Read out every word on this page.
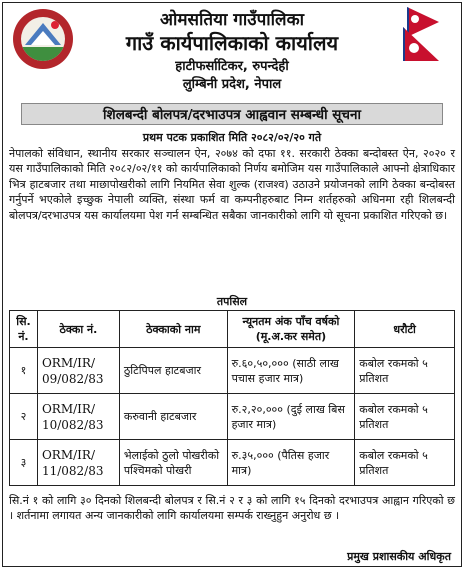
ओमसतिया गाउँपालिका
गाउँ कार्यपालिकाको कार्यालय
हाटीफर्साटिकर, रुपन्देही
लुम्बिनी प्रदेश, नेपाल
शिलबन्दी बोलपत्र/दरभाउपत्र आह्ववान सम्बन्धी सूचना
प्रथम पटक प्रकाशित मिति २०८२/०२/२० गते
नेपालको संविधान, स्थानीय सरकार सञ्चालन ऐन, २०७४ को दफा ११. सरकारी ठेक्का बन्दोबस्त ऐन, २०२० र यस गाउँपालिकाको मिति २०८२/०२/११ को कार्यपालिकाको निर्णय बमोजिम यस गाउँपालिकाले आफ्नो क्षेत्राधिकार भित्र हाटबजार तथा माछापोखरीको लागि नियमित सेवा शुल्क (राजश्व) उठाउने प्रयोजनको लागि ठेक्का बन्दोबस्त गर्नुपर्ने भएकोले इच्छुक नेपाली व्यक्ति, संस्था फर्म वा कम्पनीहरुबाट निम्न शर्तहरुको अधिनमा रही शिलबन्दी बोलपत्र/दरभाउपत्र यस कार्यालयमा पेश गर्न सम्बन्धित सबैका जानकारीको लागि यो सूचना प्रकाशित गरिएको छ।
तपसिल
सि. नं.	ठेक्का नं.	ठेक्काको नाम	न्यूनतम अंक पाँच वर्षको (मू.अ.कर समेत)	धरौटी
१	ORM/IR/ 09/082/83	ठुटिपिपल हाटबजार	रु.६०,५०,००० (साठी लाख पचास हजार मात्र)	कबोल रकमको ५ प्रतिशत
२	ORM/IR/ 10/082/83	करुवानी हाटबजार	रु.२,२०,००० (दुई लाख बिस हजार मात्र)	कबोल रकमको ५ प्रतिशत
३	ORM/IR/ 11/082/83	भेलाईको ठुलो पोखरीको पश्चिमको पोखरी	रु.३५,००० (पैतिस हजार मात्र)	कबोल रकमको ५ प्रतिशत
सि.नं १ को लागि ३० दिनको शिलबन्दी बोलपत्र र सि.नं २ र ३ को लागि १५ दिनको दरभाउपत्र आह्वान गरिएको छ । शर्तनामा लगायत अन्य जानकारीको लागि कार्यालयमा सम्पर्क राख्नुहुन अनुरोध छ ।
प्रमुख प्रशासकीय अधिकृत
